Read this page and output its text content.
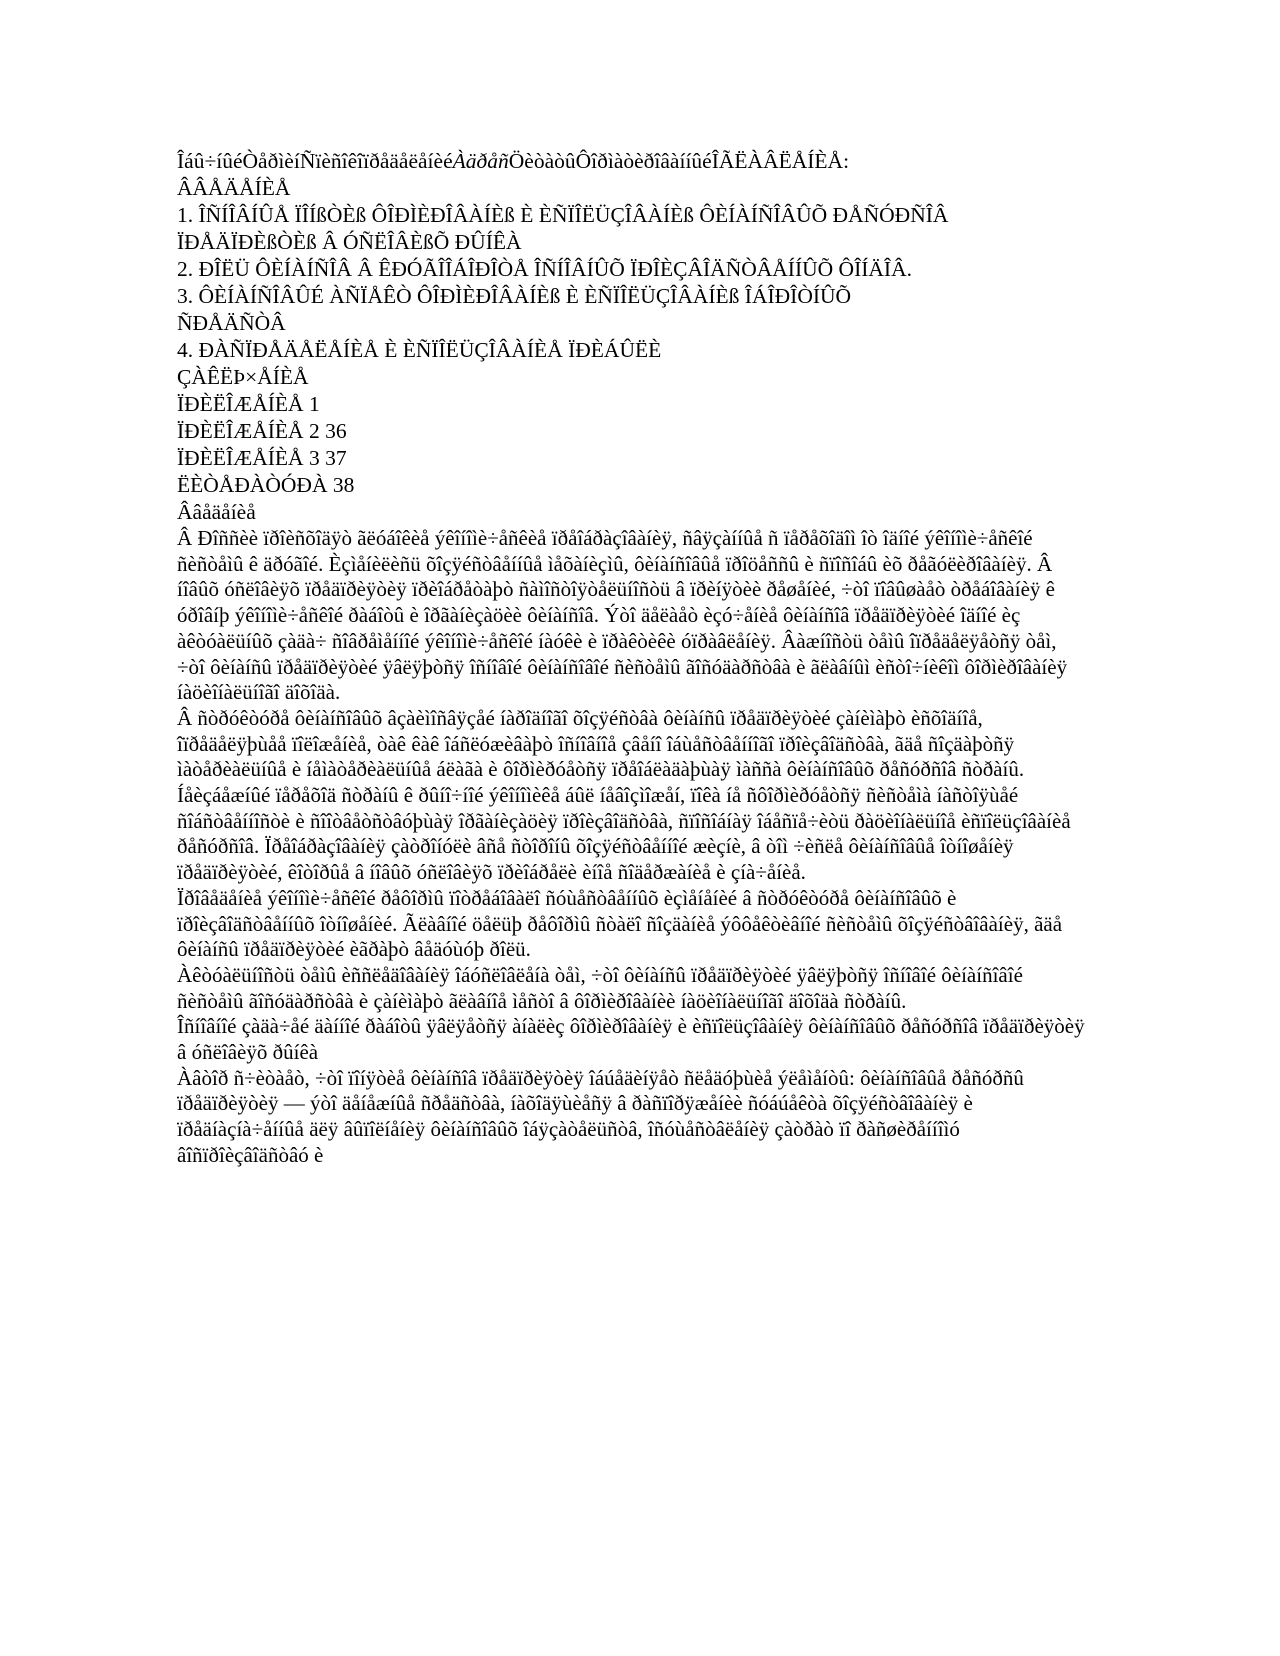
Îáû÷íûéÒåðìèíÑïèñîêîïðåäåëåíèéÀäðåñÖèòàòûÔîðìàòèðîâàííûéÎÃËÀÂËÅÍÈÅ:
ÂÂÅÄÅÍÈÅ
1. ÎÑÍÎÂÍÛÅ ÏÎÍßÒÈß ÔÎÐÌÈÐÎÂÀÍÈß È ÈÑÏÎËÜÇÎÂÀÍÈß ÔÈÍÀÍÑÎÂÛÕ ÐÅÑÓÐÑÎÂ
ÏÐÅÄÏÐÈßÒÈß Â ÓÑËÎÂÈßÕ ÐÛÍÊÀ
2. ÐÎËÜ ÔÈÍÀÍÑÎÂ Â ÊÐÓÃÎÎÁÎÐÎÒÅ ÎÑÍÎÂÍÛÕ ÏÐÎÈÇÂÎÄÑÒÂÅÍÍÛÕ ÔÎÍÄÎÂ.
3. ÔÈÍÀÍÑÎÂÛÉ ÀÑÏÅÊÒ ÔÎÐÌÈÐÎÂÀÍÈß È ÈÑÏÎËÜÇÎÂÀÍÈß ÎÁÎÐÎÒÍÛÕ
ÑÐÅÄÑÒÂ
4. ÐÀÑÏÐÅÄÅËÅÍÈÅ È ÈÑÏÎËÜÇÎÂÀÍÈÅ ÏÐÈÁÛËÈ
ÇÀÊËÞ×ÅÍÈÅ
ÏÐÈËÎÆÅÍÈÅ 1
ÏÐÈËÎÆÅÍÈÅ 2 36
ÏÐÈËÎÆÅÍÈÅ 3 37
ËÈÒÅÐÀÒÓÐÀ 38
Ââåäåíèå

Â Ðîññèè ïðîèñõîäÿò ãëóáîêèå ýêîíîìè÷åñêèå ïðåîáðàçîâàíèÿ, ñâÿçàííûå ñ ïåðåõîäîì îò îäíîé ýêîíîìè÷åñêîé ñèñòåìû ê äðóãîé. Èçìåíèëèñü õîçÿéñòâåííûå ìåõàíèçìû, ôèíàíñîâûå ïðîöåññû è ñïîñîáû èõ ðåãóëèðîâàíèÿ. Â íîâûõ óñëîâèÿõ ïðåäïðèÿòèÿ ïðèîáðåòàþò ñàìîñòîÿòåëüíîñòü â ïðèíÿòèè ðåøåíèé, ÷òî ïîâûøàåò òðåáîâàíèÿ ê óðîâíþ ýêîíîìè÷åñêîé ðàáîòû è îðãàíèçàöèè ôèíàíñîâ. Ýòî äåëàåò èçó÷åíèå ôèíàíñîâ ïðåäïðèÿòèé îäíîé èç àêòóàëüíûõ çàäà÷ ñîâðåìåííîé ýêîíîìè÷åñêîé íàóêè è ïðàêòèêè óïðàâëåíèÿ. Âàæíîñòü òåìû îïðåäåëÿåòñÿ òåì, ÷òî ôèíàíñû ïðåäïðèÿòèé ÿâëÿþòñÿ îñíîâîé ôèíàíñîâîé ñèñòåìû ãîñóäàðñòâà è ãëàâíûì èñòî÷íèêîì ôîðìèðîâàíèÿ íàöèîíàëüíîãî äîõîäà.

Â ñòðóêòóðå ôèíàíñîâûõ âçàèìîñâÿçåé íàðîäíîãî õîçÿéñòâà ôèíàíñû ïðåäïðèÿòèé çàíèìàþò èñõîäíîå, îïðåäåëÿþùåå ïîëîæåíèå, òàê êàê îáñëóæèâàþò îñíîâíîå çâåíî îáùåñòâåííîãî ïðîèçâîäñòâà, ãäå ñîçäàþòñÿ ìàòåðèàëüíûå è íåìàòåðèàëüíûå áëàãà è ôîðìèðóåòñÿ ïðåîáëàäàþùàÿ ìàññà ôèíàíñîâûõ ðåñóðñîâ ñòðàíû.

Íåèçáåæíûé ïåðåõîä ñòðàíû ê ðûíî÷íîé ýêîíîìèêå áûë íåâîçìîæåí, ïîêà íå ñôîðìèðóåòñÿ ñèñòåìà íàñòîÿùåé ñîáñòâåííîñòè è ñîîòâåòñòâóþùàÿ îðãàíèçàöèÿ ïðîèçâîäñòâà, ñïîñîáíàÿ îáåñïå÷èòü ðàöèîíàëüíîå èñïîëüçîâàíèå ðåñóðñîâ. Ïðåîáðàçîâàíèÿ çàòðîíóëè âñå ñòîðîíû õîçÿéñòâåííîé æèçíè, â òîì ÷èñëå ôèíàíñîâûå îòíîøåíèÿ ïðåäïðèÿòèé, êîòîðûå â íîâûõ óñëîâèÿõ ïðèîáðåëè èíîå ñîäåðæàíèå è çíà÷åíèå.

Ïðîâåäåíèå ýêîíîìè÷åñêîé ðåôîðìû ïîòðåáîâàëî ñóùåñòâåííûõ èçìåíåíèé â ñòðóêòóðå ôèíàíñîâûõ è ïðîèçâîäñòâåííûõ îòíîøåíèé. Ãëàâíîé öåëüþ ðåôîðìû ñòàëî ñîçäàíèå ýôôåêòèâíîé ñèñòåìû õîçÿéñòâîâàíèÿ, ãäå ôèíàíñû ïðåäïðèÿòèé èãðàþò âåäóùóþ ðîëü.

Àêòóàëüíîñòü òåìû èññëåäîâàíèÿ îáóñëîâëåíà òåì, ÷òî ôèíàíñû ïðåäïðèÿòèé ÿâëÿþòñÿ îñíîâîé ôèíàíñîâîé ñèñòåìû ãîñóäàðñòâà è çàíèìàþò ãëàâíîå ìåñòî â ôîðìèðîâàíèè íàöèîíàëüíîãî äîõîäà ñòðàíû.

Îñíîâíîé çàäà÷åé äàííîé ðàáîòû ÿâëÿåòñÿ àíàëèç ôîðìèðîâàíèÿ è èñïîëüçîâàíèÿ ôèíàíñîâûõ ðåñóðñîâ ïðåäïðèÿòèÿ â óñëîâèÿõ ðûíêà

Àâòîð ñ÷èòàåò, ÷òî ïîíÿòèå ôèíàíñîâ ïðåäïðèÿòèÿ îáúåäèíÿåò ñëåäóþùèå ýëåìåíòû: ôèíàíñîâûå ðåñóðñû ïðåäïðèÿòèÿ — ýòî äåíåæíûå ñðåäñòâà, íàõîäÿùèåñÿ â ðàñïîðÿæåíèè ñóáúåêòà õîçÿéñòâîâàíèÿ è ïðåäíàçíà÷åííûå äëÿ âûïîëíåíèÿ ôèíàíñîâûõ îáÿçàòåëüñòâ, îñóùåñòâëåíèÿ çàòðàò ïî ðàñøèðåííîìó âîñïðîèçâîäñòâó è
